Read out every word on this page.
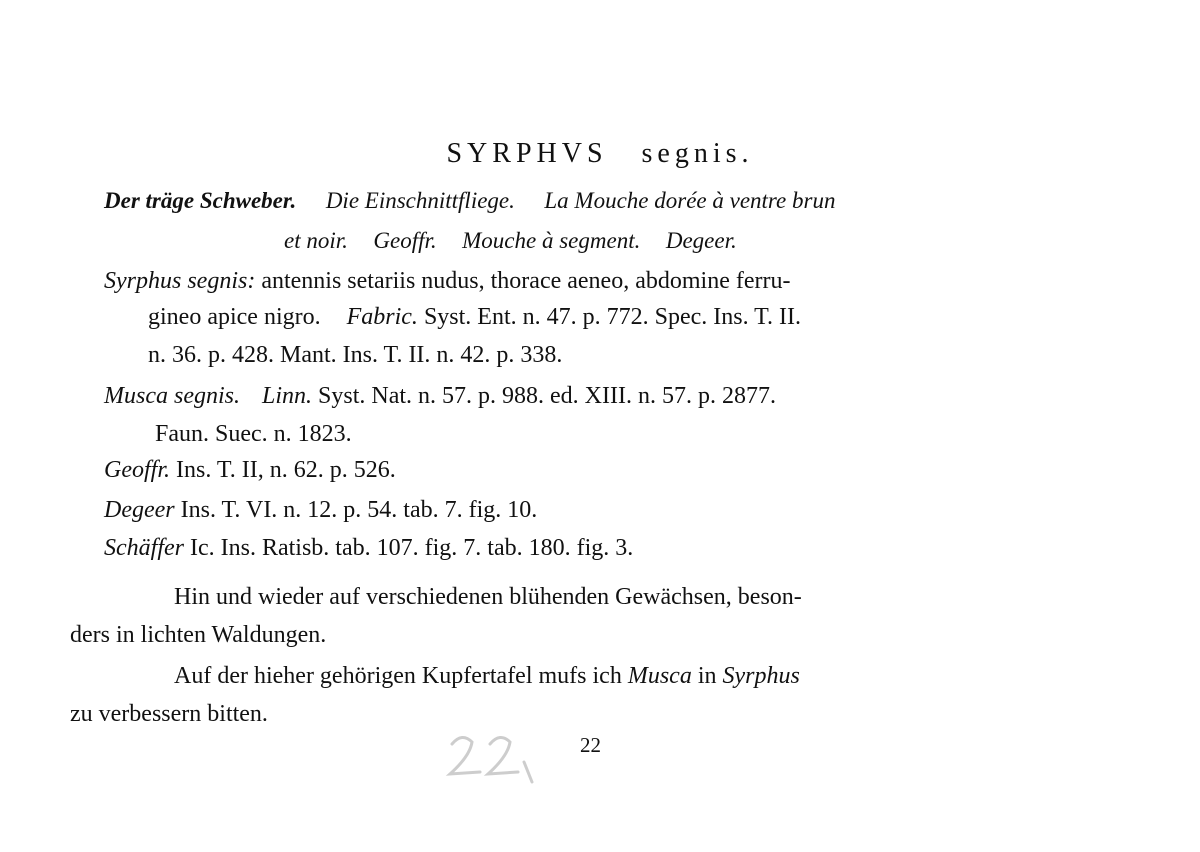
SYRPHVS segnis.
Der träge Schweber. Die Einschnittfliege. La Mouche dorée à ventre brun
et noir. Geoffr. Mouche à segment. Degeer.
Syrphus segnis: antennis setariis nudus, thorace aeneo, abdomine ferru-
gineo apice nigro. Fabric. Syst. Ent. n. 47. p. 772. Spec. Ins. T. II.
n. 36. p. 428. Mant. Ins. T. II. n. 42. p. 338.
Musca segnis. Linn. Syst. Nat. n. 57. p. 988. ed. XIII. n. 57. p. 2877.
Faun. Suec. n. 1823.
Geoffr. Ins. T. II, n. 62. p. 526.
Degeer Ins. T. VI. n. 12. p. 54. tab. 7. fig. 10.
Schäffer Ic. Ins. Ratisb. tab. 107. fig. 7. tab. 180. fig. 3.
Hin und wieder auf verschiedenen blühenden Gewächsen, beson-
ders in lichten Waldungen.
Auf der hieher gehörigen Kupfertafel mufs ich Musca in Syrphus
zu verbessern bitten.
22
